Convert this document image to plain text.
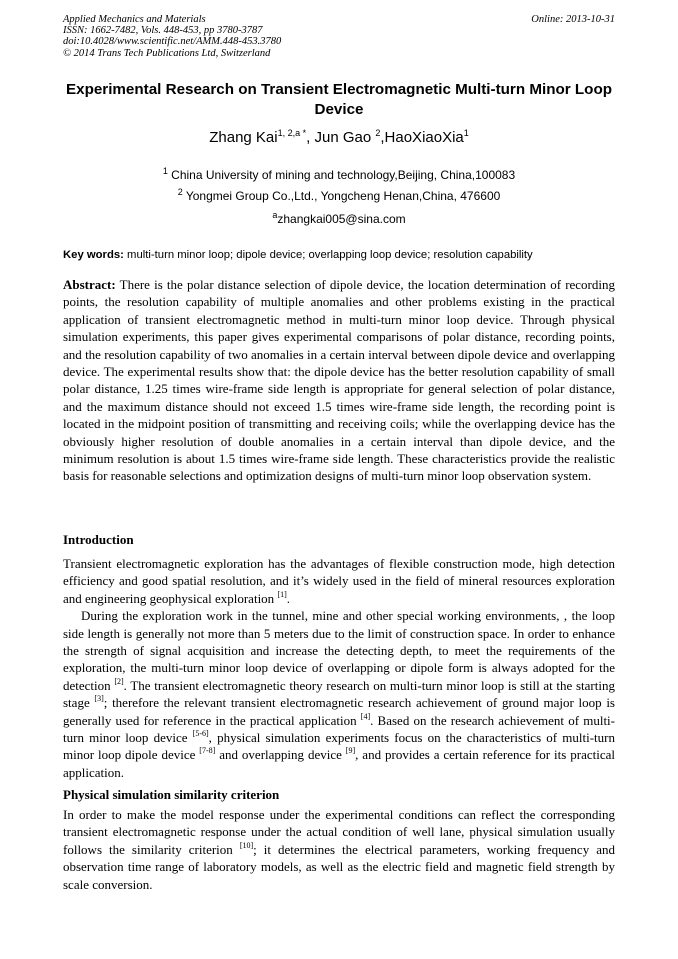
Applied Mechanics and Materials
ISSN: 1662-7482, Vols. 448-453, pp 3780-3787
doi:10.4028/www.scientific.net/AMM.448-453.3780
© 2014 Trans Tech Publications Ltd, Switzerland
Online: 2013-10-31
Experimental Research on Transient Electromagnetic Multi-turn Minor Loop Device
Zhang Kai$^{1, 2,a *}$, Jun Gao $^2$,HaoXiaoXia$^1$
$^1$ China University of mining and technology,Beijing, China,100083
$^2$ Yongmei Group Co.,Ltd., Yongcheng Henan,China, 476600
$^a$zhangkai005@sina.com
Key words: multi-turn minor loop; dipole device; overlapping loop device; resolution capability

Abstract: There is the polar distance selection of dipole device, the location determination of recording points, the resolution capability of multiple anomalies and other problems existing in the practical application of transient electromagnetic method in multi-turn minor loop device. Through physical simulation experiments, this paper gives experimental comparisons of polar distance, recording points, and the resolution capability of two anomalies in a certain interval between dipole device and overlapping device. The experimental results show that: the dipole device has the better resolution capability of small polar distance, 1.25 times wire-frame side length is appropriate for general selection of polar distance, and the maximum distance should not exceed 1.5 times wire-frame side length, the recording point is located in the midpoint position of transmitting and receiving coils; while the overlapping device has the obviously higher resolution of double anomalies in a certain interval than dipole device, and the minimum resolution is about 1.5 times wire-frame side length. These characteristics provide the realistic basis for reasonable selections and optimization designs of multi-turn minor loop observation system.

Introduction

Transient electromagnetic exploration has the advantages of flexible construction mode, high detection efficiency and good spatial resolution, and it’s widely used in the field of mineral resources exploration and engineering geophysical exploration [1].

During the exploration work in the tunnel, mine and other special working environments, , the loop side length is generally not more than 5 meters due to the limit of construction space. In order to enhance the strength of signal acquisition and increase the detecting depth, to meet the requirements of the exploration, the multi-turn minor loop device of overlapping or dipole form is always adopted for the detection [2]. The transient electromagnetic theory research on multi-turn minor loop is still at the starting stage [3]; therefore the relevant transient electromagnetic research achievement of ground major loop is generally used for reference in the practical application [4]. Based on the research achievement of multi-turn minor loop device [5-6], physical simulation experiments focus on the characteristics of multi-turn minor loop dipole device [7-8] and overlapping device [9], and provides a certain reference for its practical application.

Physical simulation similarity criterion

In order to make the model response under the experimental conditions can reflect the corresponding transient electromagnetic response under the actual condition of well lane, physical simulation usually follows the similarity criterion [10]; it determines the electrical parameters, working frequency and observation time range of laboratory models, as well as the electric field and magnetic field strength by scale conversion.
